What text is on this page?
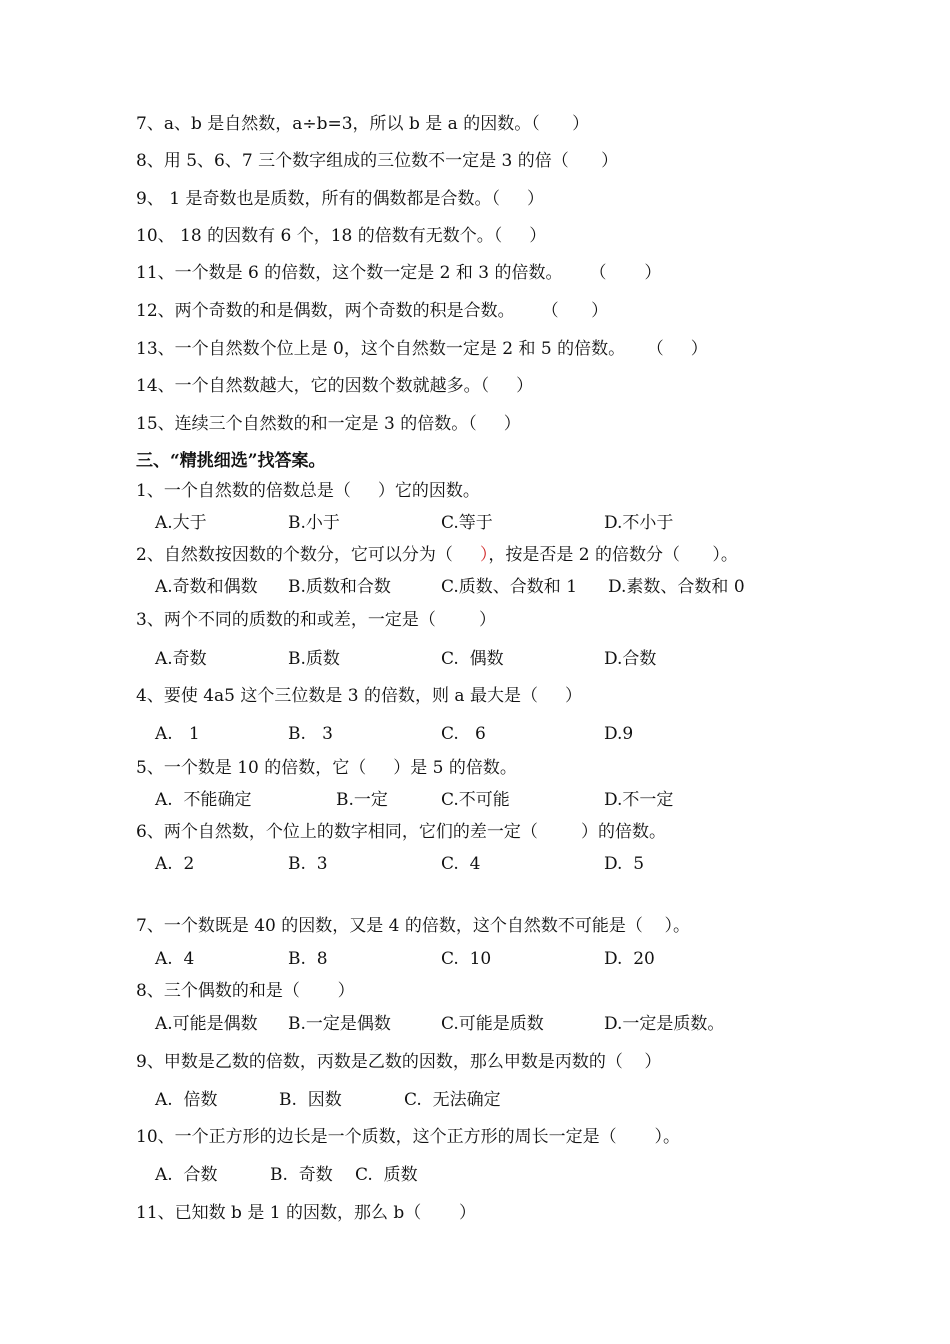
7、a、b 是自然数，a÷b=3，所以 b 是 a 的因数。（      ）
8、用 5、6、7 三个数字组成的三位数不一定是 3 的倍（      ）
9、 1 是奇数也是质数，所有的偶数都是合数。（     ）
10、 18 的因数有 6 个，18 的倍数有无数个。（     ）
11、一个数是 6 的倍数，这个数一定是 2 和 3 的倍数。     （       ）
12、两个奇数的和是偶数，两个奇数的积是合数。     （      ）
13、一个自然数个位上是 0，这个自然数一定是 2 和 5 的倍数。    （     ）
14、一个自然数越大，它的因数个数就越多。（     ）
15、连续三个自然数的和一定是 3 的倍数。（     ）
三、“精挑细选”找答案。
1、一个自然数的倍数总是（     ）它的因数。
A.大于	B.小于	C.等于	D.不小于
2、自然数按因数的个数分，它可以分为（     ），按是否是 2 的倍数分（      ）。
A.奇数和偶数 B.质数和合数	C.质数、合数和 1 D.素数、合数和 0
3、两个不同的质数的和或差，一定是（        ）
A.奇数	B.质数	C.  偶数	D.合数
4、要使 4a5 这个三位数是 3 的倍数，则 a 最大是（     ）
A.   1	B.   3	C.   6	D.9
5、一个数是 10 的倍数，它（     ）是 5 的倍数。
A.  不能确定	B.一定	C.不可能	D.不一定
6、两个自然数，个位上的数字相同，它们的差一定（        ）的倍数。
A.  2	B.  3	C.  4	D.  5
7、一个数既是 40 的因数，又是 4 的倍数，这个自然数不可能是（    ）。
A.  4	B.  8	C.  10	D.  20
8、三个偶数的和是（       ）
A.可能是偶数 B.一定是偶数	C.可能是质数	D.一定是质数。
9、甲数是乙数的倍数，丙数是乙数的因数，那么甲数是丙数的（    ）
A.  倍数	B.  因数	C.  无法确定
10、一个正方形的边长是一个质数，这个正方形的周长一定是（       ）。
A.  合数	B.  奇数 C.  质数
11、已知数 b 是 1 的因数，那么 b（       ）
